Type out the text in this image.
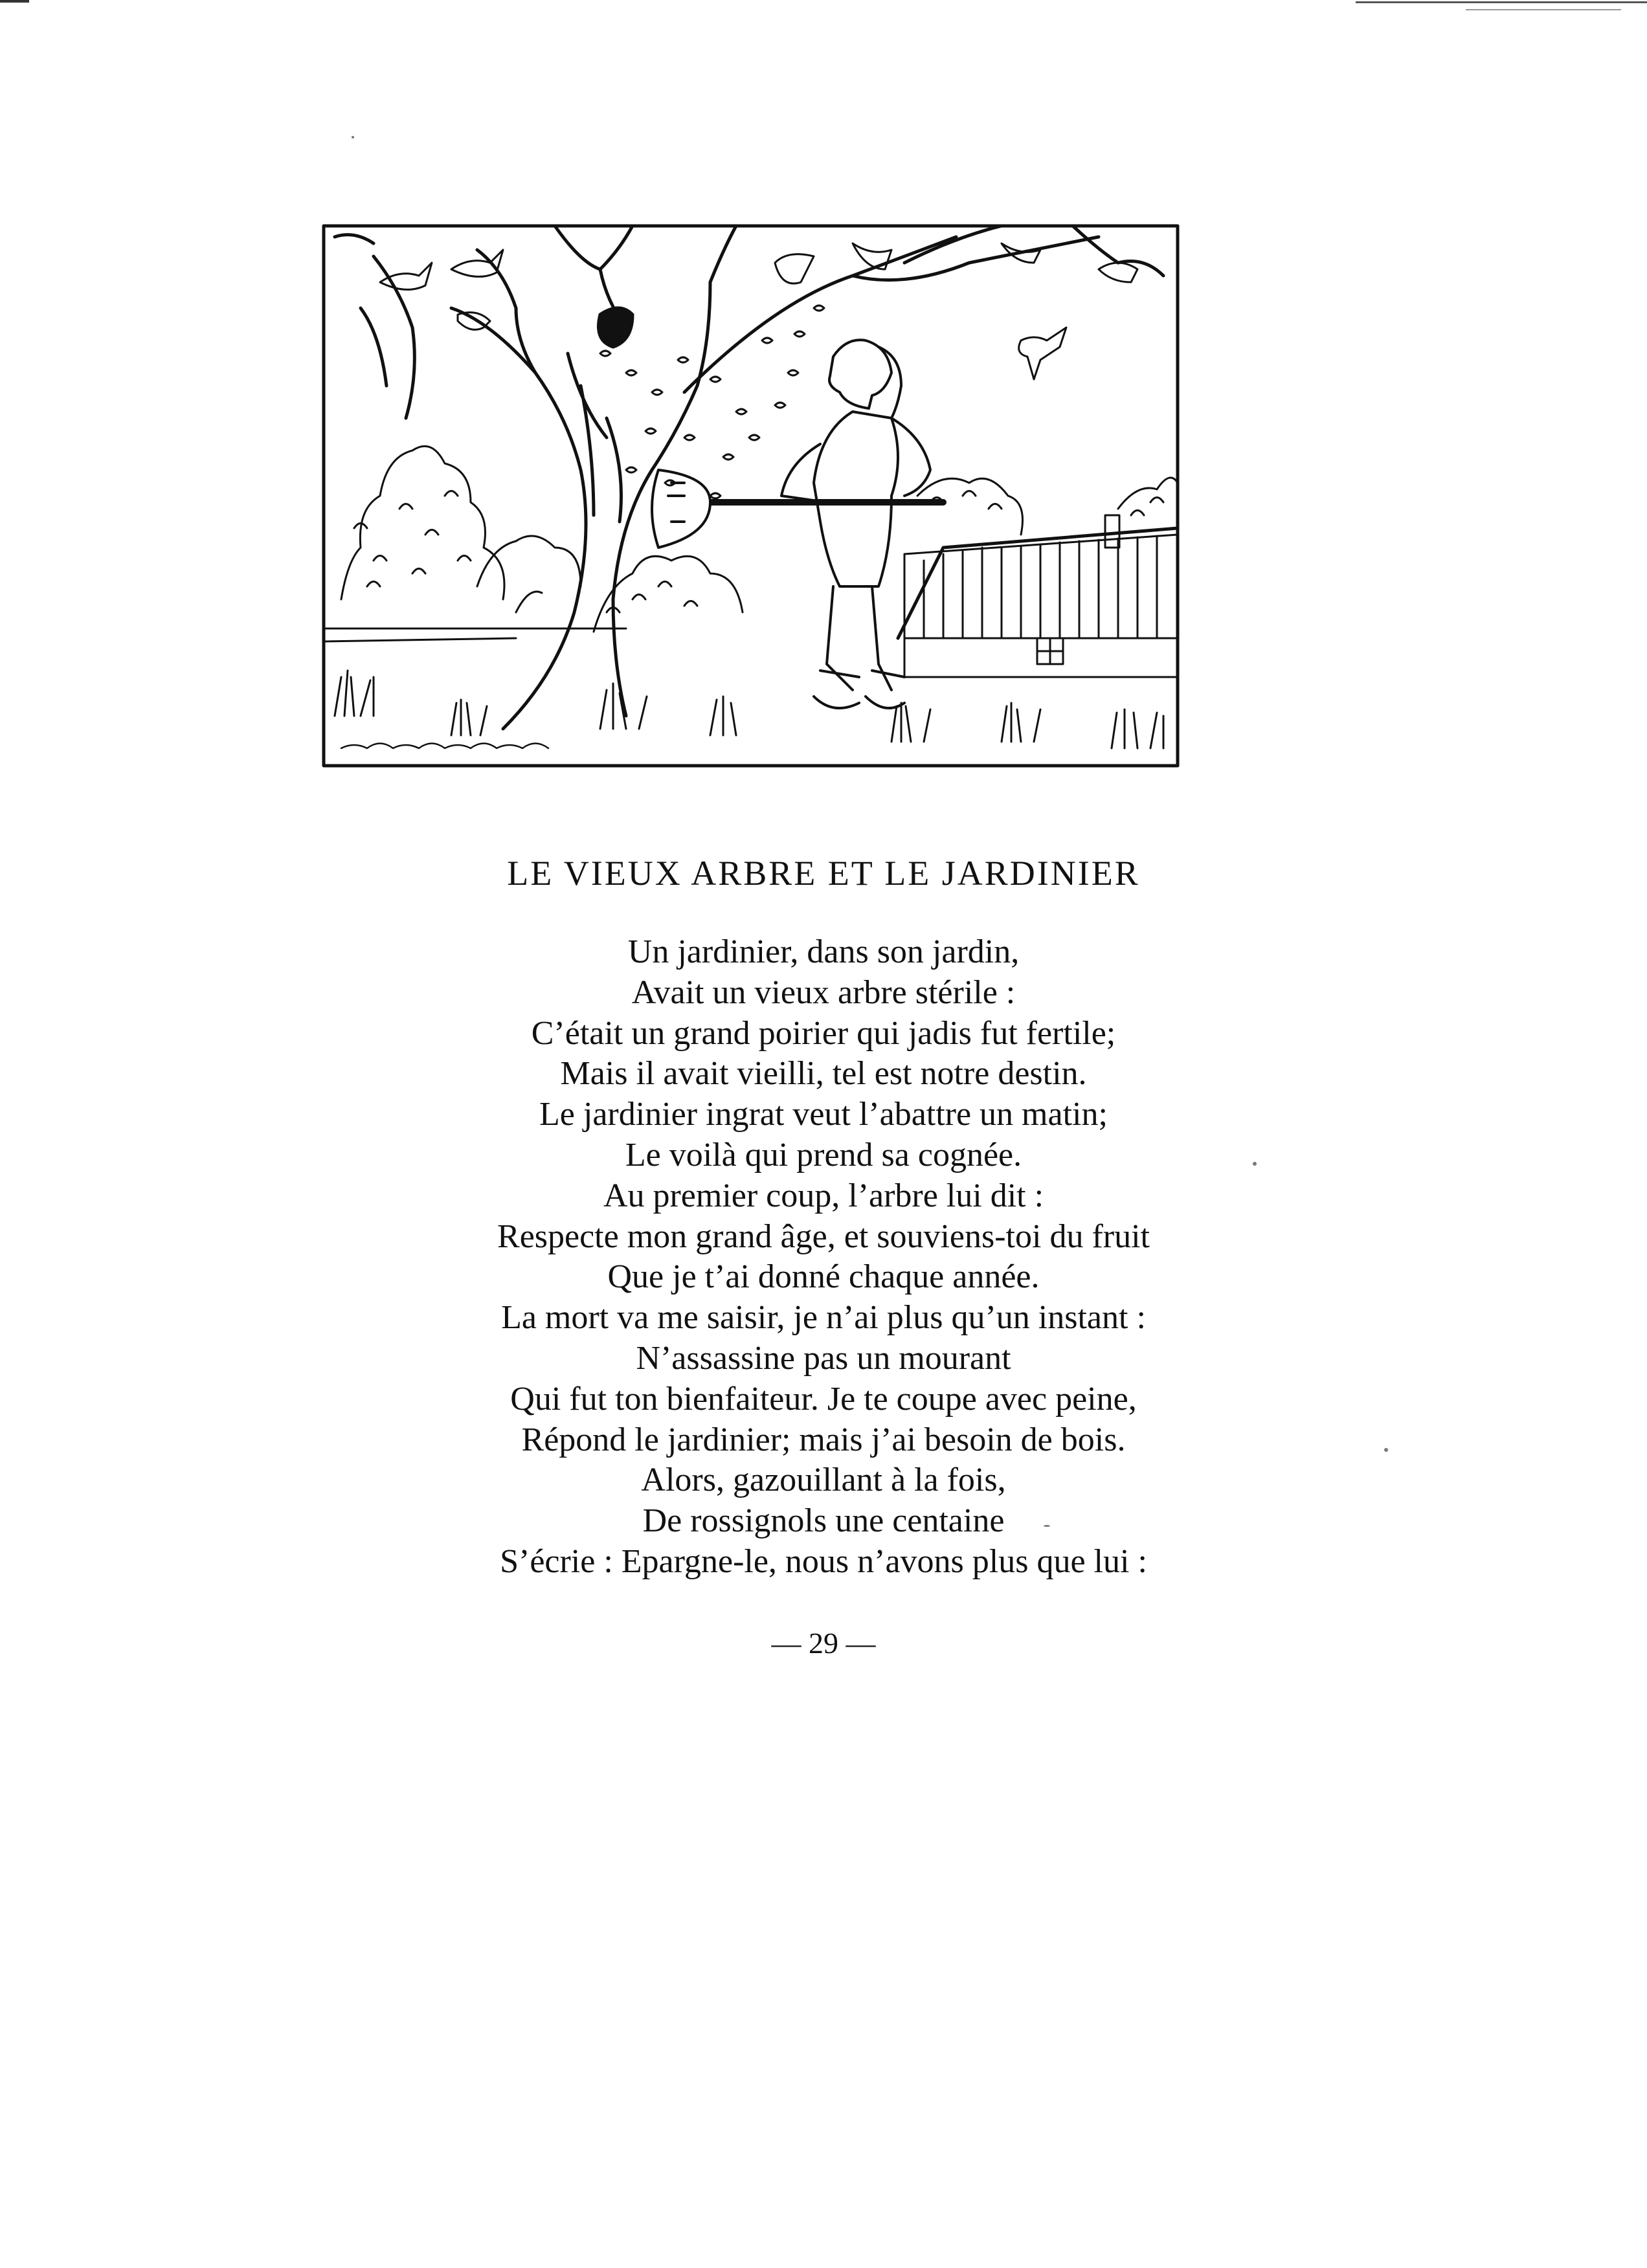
LE VIEUX ARBRE ET LE JARDINIER
Un jardinier, dans son jardin,
Avait un vieux arbre stérile :
C’était un grand poirier qui jadis fut fertile;
Mais il avait vieilli, tel est notre destin.
Le jardinier ingrat veut l’abattre un matin;
Le voilà qui prend sa cognée.
Au premier coup, l’arbre lui dit :
Respecte mon grand âge, et souviens-toi du fruit
Que je t’ai donné chaque année.
La mort va me saisir, je n’ai plus qu’un instant :
N’assassine pas un mourant
Qui fut ton bienfaiteur. Je te coupe avec peine,
Répond le jardinier; mais j’ai besoin de bois.
Alors, gazouillant à la fois,
De rossignols une centaine
S’écrie : Epargne-le, nous n’avons plus que lui :
— 29 —
